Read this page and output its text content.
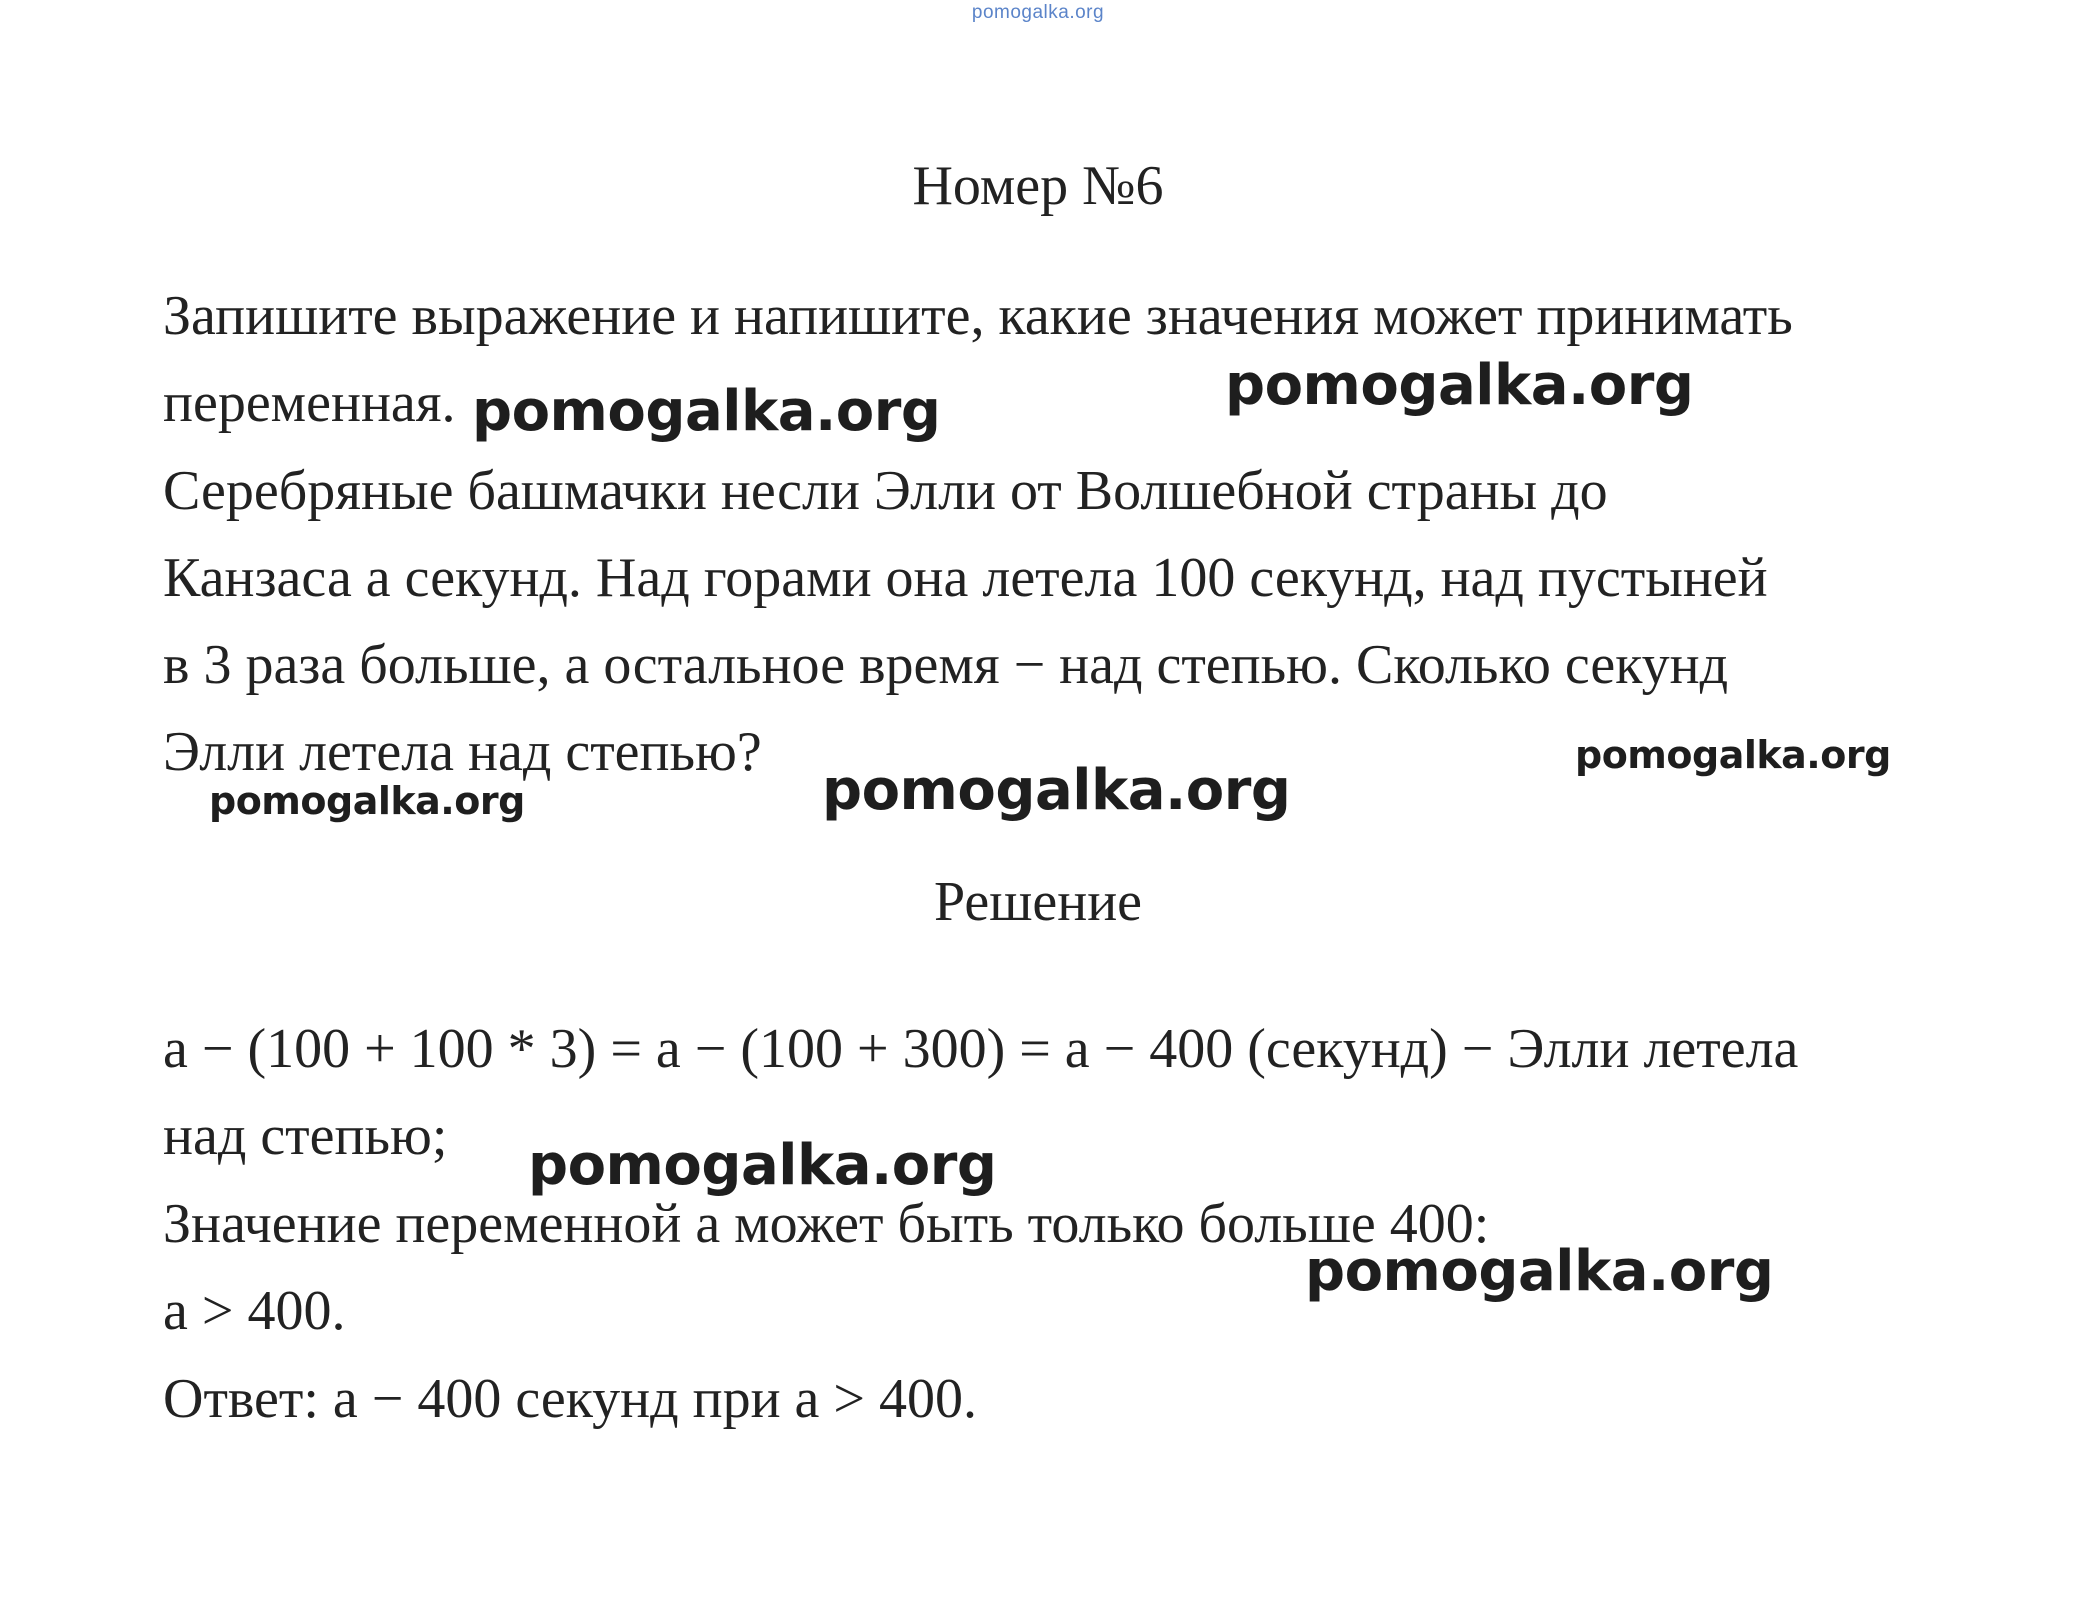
pomogalka.org
Номер №6
Запишите выражение и напишите, какие значения может принимать
переменная.
Серебряные башмачки несли Элли от Волшебной страны до
Канзаса а секунд. Над горами она летела 100 секунд, над пустыней
в 3 раза больше, а остальное время − над степью. Сколько секунд
Элли летела над степью?
Решение
а − (100 + 100 * 3) = а − (100 + 300) = а − 400 (секунд) − Элли летела
над степью;
Значение переменной а может быть только больше 400:
а > 400.
Ответ: а − 400 секунд при а > 400.
pomogalka.org	pomogalka.org
pomogalka.org
pomogalka.org	pomogalka.org
pomogalka.org
pomogalka.org
